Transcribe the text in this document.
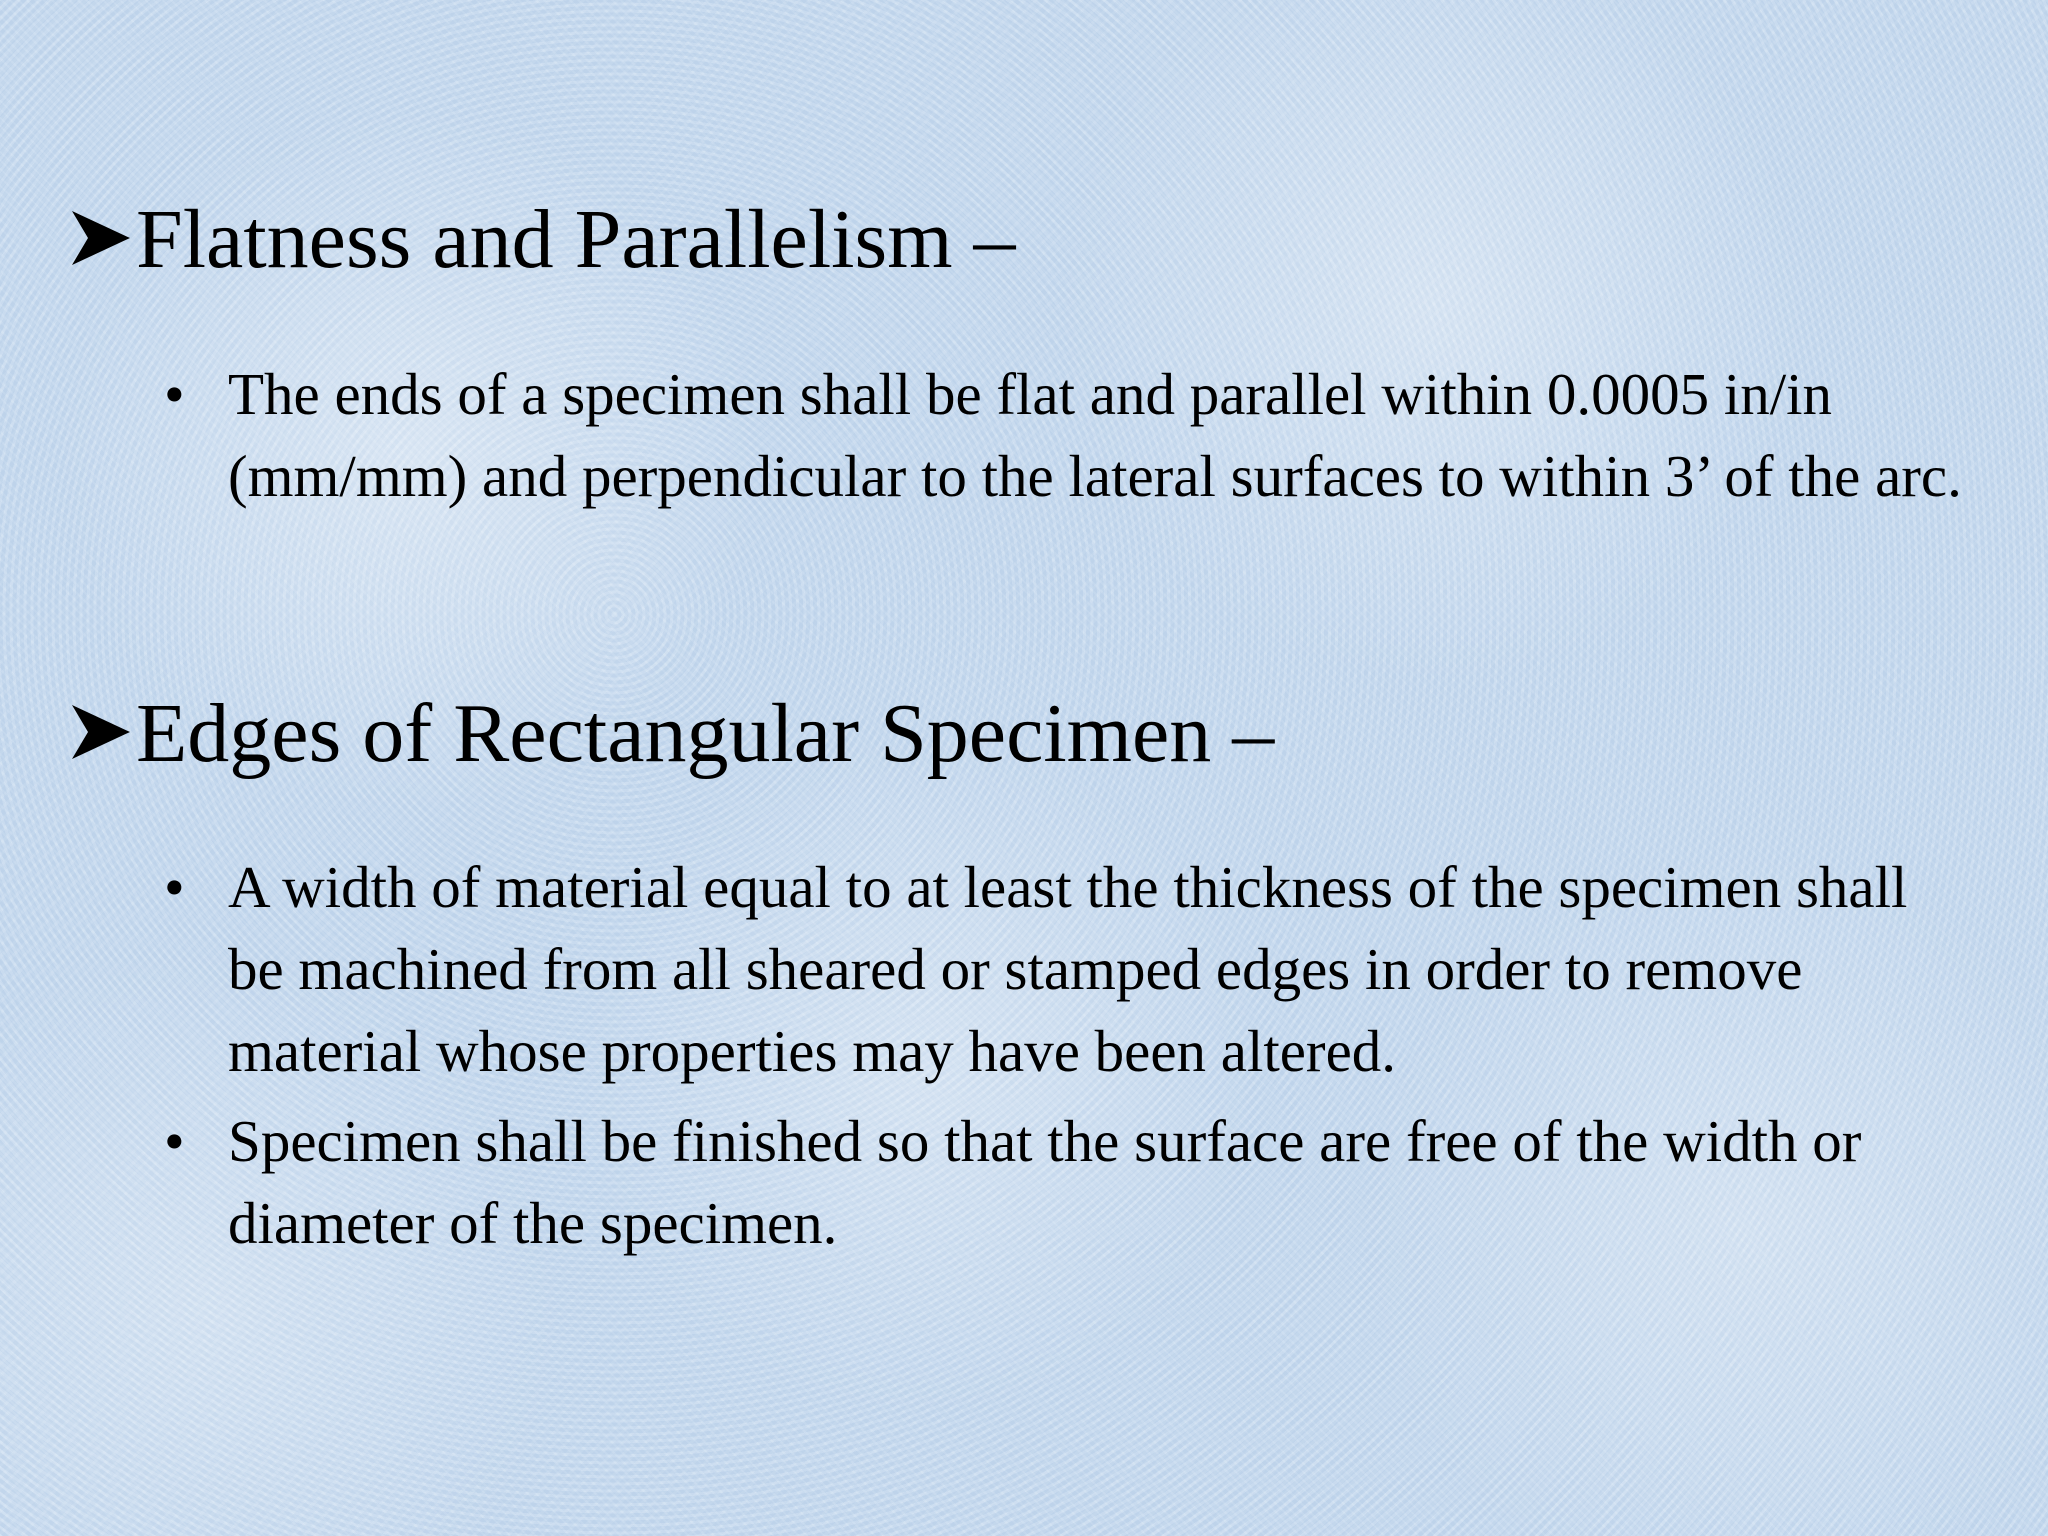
Flatness and Parallelism –
• The ends of a specimen shall be flat and parallel within 0.0005 in/in (mm/mm) and perpendicular to the lateral surfaces to within 3’ of the arc.
Edges of Rectangular Specimen –
• A width of material equal to at least the thickness of the specimen shall be machined from all sheared or stamped edges in order to remove material whose properties may have been altered.
• Specimen shall be finished so that the surface are free of the width or diameter of the specimen.
